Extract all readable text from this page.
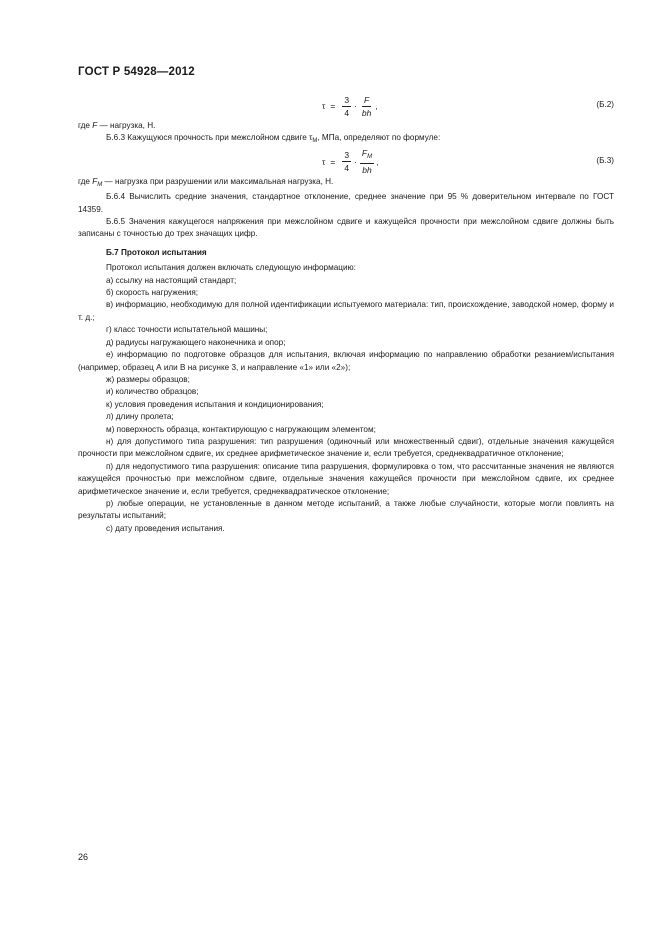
ГОСТ Р 54928—2012
$\tau = \frac{3}{4} \cdot \frac{F}{bh}$ ,	(Б.2)

где F — нагрузка, Н.

Б.6.3 Кажущуюся прочность при межслойном сдвиге $\tau_М$, МПа, определяют по формуле:

$\tau = \frac{3}{4} \cdot \frac{F_M}{bh}$ ,	(Б.3)

где $F_M$ — нагрузка при разрушении или максимальная нагрузка, Н.

Б.6.4 Вычислить средние значения, стандартное отклонение, среднее значение при 95 % доверительном интервале по ГОСТ 14359.

Б.6.5 Значения кажущегося напряжения при межслойном сдвиге и кажущейся прочности при межслойном сдвиге должны быть записаны с точностью до трех значащих цифр.

Б.7 Протокол испытания

Протокол испытания должен включать следующую информацию:

а) ссылку на настоящий стандарт;

б) скорость нагружения;

в) информацию, необходимую для полной идентификации испытуемого материала: тип, происхождение, заводской номер, форму и т. д.;

г) класс точности испытательной машины;

д) радиусы нагружающего наконечника и опор;

е) информацию по подготовке образцов для испытания, включая информацию по направлению обработки резанием/испытания (например, образец А или В на рисунке 3, и направление «1» или «2»);

ж) размеры образцов;

и) количество образцов;

к) условия проведения испытания и кондиционирования;

л) длину пролета;

м) поверхность образца, контактирующую с нагружающим элементом;

н) для допустимого типа разрушения: тип разрушения (одиночный или множественный сдвиг), отдельные значения кажущейся прочности при межслойном сдвиге, их среднее арифметическое значение и, если требуется, среднеквадратичное отклонение;

п) для недопустимого типа разрушения: описание типа разрушения, формулировка о том, что рассчитанные значения не являются кажущейся прочностью при межслойном сдвиге, отдельные значения кажущейся прочности при межслойном сдвиге, их среднее арифметическое значение и, если требуется, среднеквадратическое отклонение;

р) любые операции, не установленные в данном методе испытаний, а также любые случайности, которые могли повлиять на результаты испытаний;

с) дату проведения испытания.

26
